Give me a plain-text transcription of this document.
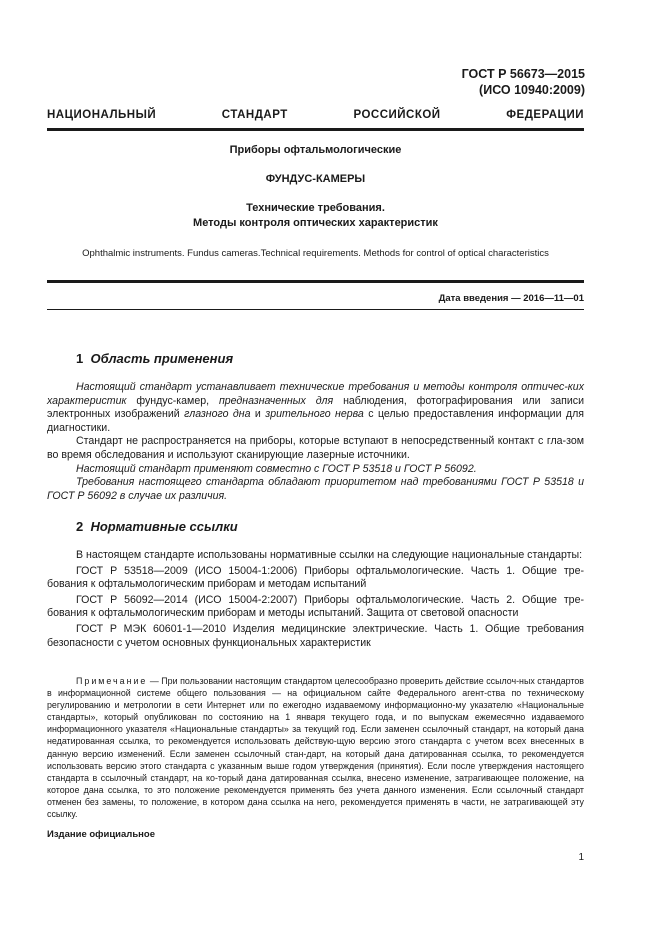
ГОСТ Р 56673—2015
(ИСО 10940:2009)
НАЦИОНАЛЬНЫЙ	СТАНДАРТ	РОССИЙСКОЙ	ФЕДЕРАЦИИ
Приборы офтальмологические
ФУНДУС-КАМЕРЫ
Технические требования.
Методы контроля оптических характеристик
Ophthalmic instruments. Fundus cameras.Technical requirements. Methods for control of optical characteristics
Дата введения — 2016—11—01
1 Область применения

Настоящий стандарт устанавливает технические требования и методы контроля оптичес-ких характеристик фундус-камер, предназначенных для наблюдения, фотографирования или записи электронных изображений глазного дна и зрительного нерва с целью предоставления информации для диагностики.

Стандарт не распространяется на приборы, которые вступают в непосредственный контакт с гла-зом во время обследования и используют сканирующие лазерные источники.

Настоящий стандарт применяют совместно с ГОСТ Р 53518 и ГОСТ Р 56092.

Требования настоящего стандарта обладают приоритетом над требованиями ГОСТ Р 53518 и ГОСТ Р 56092 в случае их различия.

2 Нормативные ссылки

В настоящем стандарте использованы нормативные ссылки на следующие национальные стандарты:

ГОСТ Р 53518—2009 (ИСО 15004-1:2006) Приборы офтальмологические. Часть 1. Общие тре-бования к офтальмологическим приборам и методам испытаний

ГОСТ Р 56092—2014 (ИСО 15004-2:2007) Приборы офтальмологические. Часть 2. Общие тре-бования к офтальмологическим приборам и методы испытаний. Защита от световой опасности

ГОСТ Р МЭК 60601-1—2010 Изделия медицинские электрические. Часть 1. Общие требования безопасности с учетом основных функциональных характеристик

Примечание — При пользовании настоящим стандартом целесообразно проверить действие ссылоч-ных стандартов в информационной системе общего пользования — на официальном сайте Федерального агент-ства по техническому регулированию и метрологии в сети Интернет или по ежегодно издаваемому информационно-му указателю «Национальные стандарты», который опубликован по состоянию на 1 января текущего года, и по выпускам ежемесячно издаваемого информационного указателя «Национальные стандарты» за текущий год. Если заменен ссылочный стандарт, на который дана недатированная ссылка, то рекомендуется использовать действую-щую версию этого стандарта с учетом всех внесенных в данную версию изменений. Если заменен ссылочный стан-дарт, на который дана датированная ссылка, то рекомендуется использовать версию этого стандарта с указанным выше годом утверждения (принятия). Если после утверждения настоящего стандарта в ссылочный стандарт, на ко-торый дана датированная ссылка, внесено изменение, затрагивающее положение, на которое дана ссылка, то это положение рекомендуется применять без учета данного изменения. Если ссылочный стандарт отменен без замены, то положение, в котором дана ссылка на него, рекомендуется применять в части, не затрагивающей эту ссылку.

Издание официальное
1
